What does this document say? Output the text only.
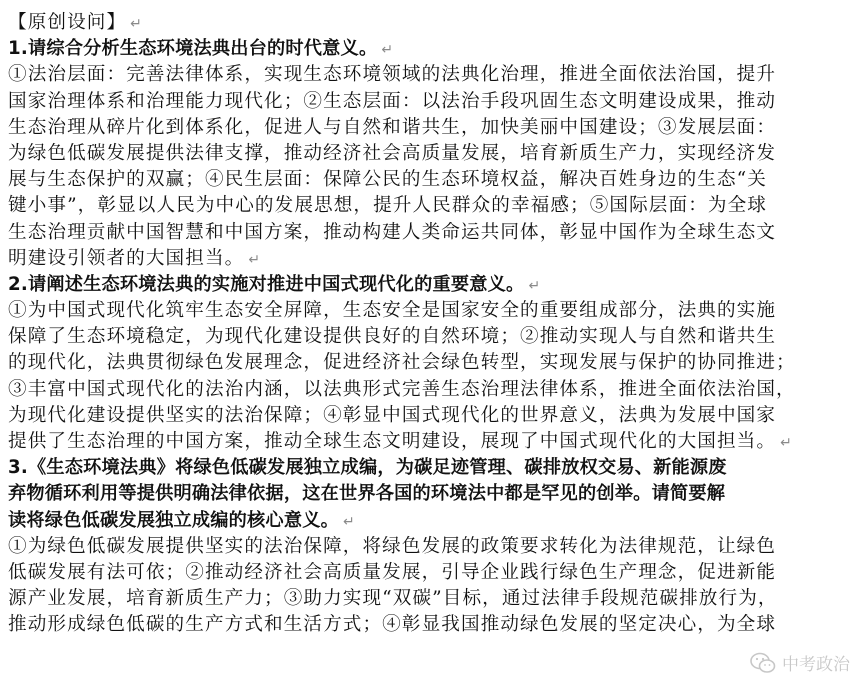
【原创设问】 ↵
1.请综合分析生态环境法典出台的时代意义。 ↵
①法治层面：完善法律体系，实现生态环境领域的法典化治理，推进全面依法治国，提升
国家治理体系和治理能力现代化；②生态层面：以法治手段巩固生态文明建设成果，推动
生态治理从碎片化到体系化，促进人与自然和谐共生，加快美丽中国建设；③发展层面：
为绿色低碳发展提供法律支撑，推动经济社会高质量发展，培育新质生产力，实现经济发
展与生态保护的双赢；④民生层面：保障公民的生态环境权益，解决百姓身边的生态“关
键小事”，彰显以人民为中心的发展思想，提升人民群众的幸福感；⑤国际层面：为全球
生态治理贡献中国智慧和中国方案，推动构建人类命运共同体，彰显中国作为全球生态文
明建设引领者的大国担当。 ↵
2.请阐述生态环境法典的实施对推进中国式现代化的重要意义。 ↵
①为中国式现代化筑牢生态安全屏障，生态安全是国家安全的重要组成部分，法典的实施
保障了生态环境稳定，为现代化建设提供良好的自然环境；②推动实现人与自然和谐共生
的现代化，法典贯彻绿色发展理念，促进经济社会绿色转型，实现发展与保护的协同推进；
③丰富中国式现代化的法治内涵，以法典形式完善生态治理法律体系，推进全面依法治国，
为现代化建设提供坚实的法治保障；④彰显中国式现代化的世界意义，法典为发展中国家
提供了生态治理的中国方案，推动全球生态文明建设，展现了中国式现代化的大国担当。 ↵
3.《生态环境法典》将绿色低碳发展独立成编，为碳足迹管理、碳排放权交易、新能源废
弃物循环利用等提供明确法律依据，这在世界各国的环境法中都是罕见的创举。请简要解
读将绿色低碳发展独立成编的核心意义。 ↵
①为绿色低碳发展提供坚实的法治保障，将绿色发展的政策要求转化为法律规范，让绿色
低碳发展有法可依；②推动经济社会高质量发展，引导企业践行绿色生产理念，促进新能
源产业发展，培育新质生产力；③助力实现“双碳”目标，通过法律手段规范碳排放行为，
推动形成绿色低碳的生产方式和生活方式；④彰显我国推动绿色发展的坚定决心，为全球
中考政治
